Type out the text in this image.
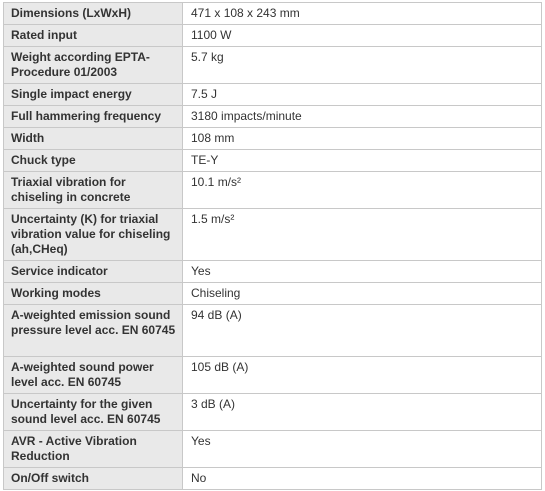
Dimensions (LxWxH)	471 x 108 x 243 mm
Rated input	1100 W
Weight according EPTA-Procedure 01/2003	5.7 kg
Single impact energy	7.5 J
Full hammering frequency	3180 impacts/minute
Width	108 mm
Chuck type	TE-Y
Triaxial vibration for chiseling in concrete	10.1 m/s²
Uncertainty (K) for triaxial vibration value for chiseling (ah,CHeq)	1.5 m/s²
Service indicator	Yes
Working modes	Chiseling
A-weighted emission sound pressure level acc. EN 60745	94 dB (A)
A-weighted sound power level acc. EN 60745	105 dB (A)
Uncertainty for the given sound level acc. EN 60745	3 dB (A)
AVR - Active Vibration Reduction	Yes
On/Off switch	No
